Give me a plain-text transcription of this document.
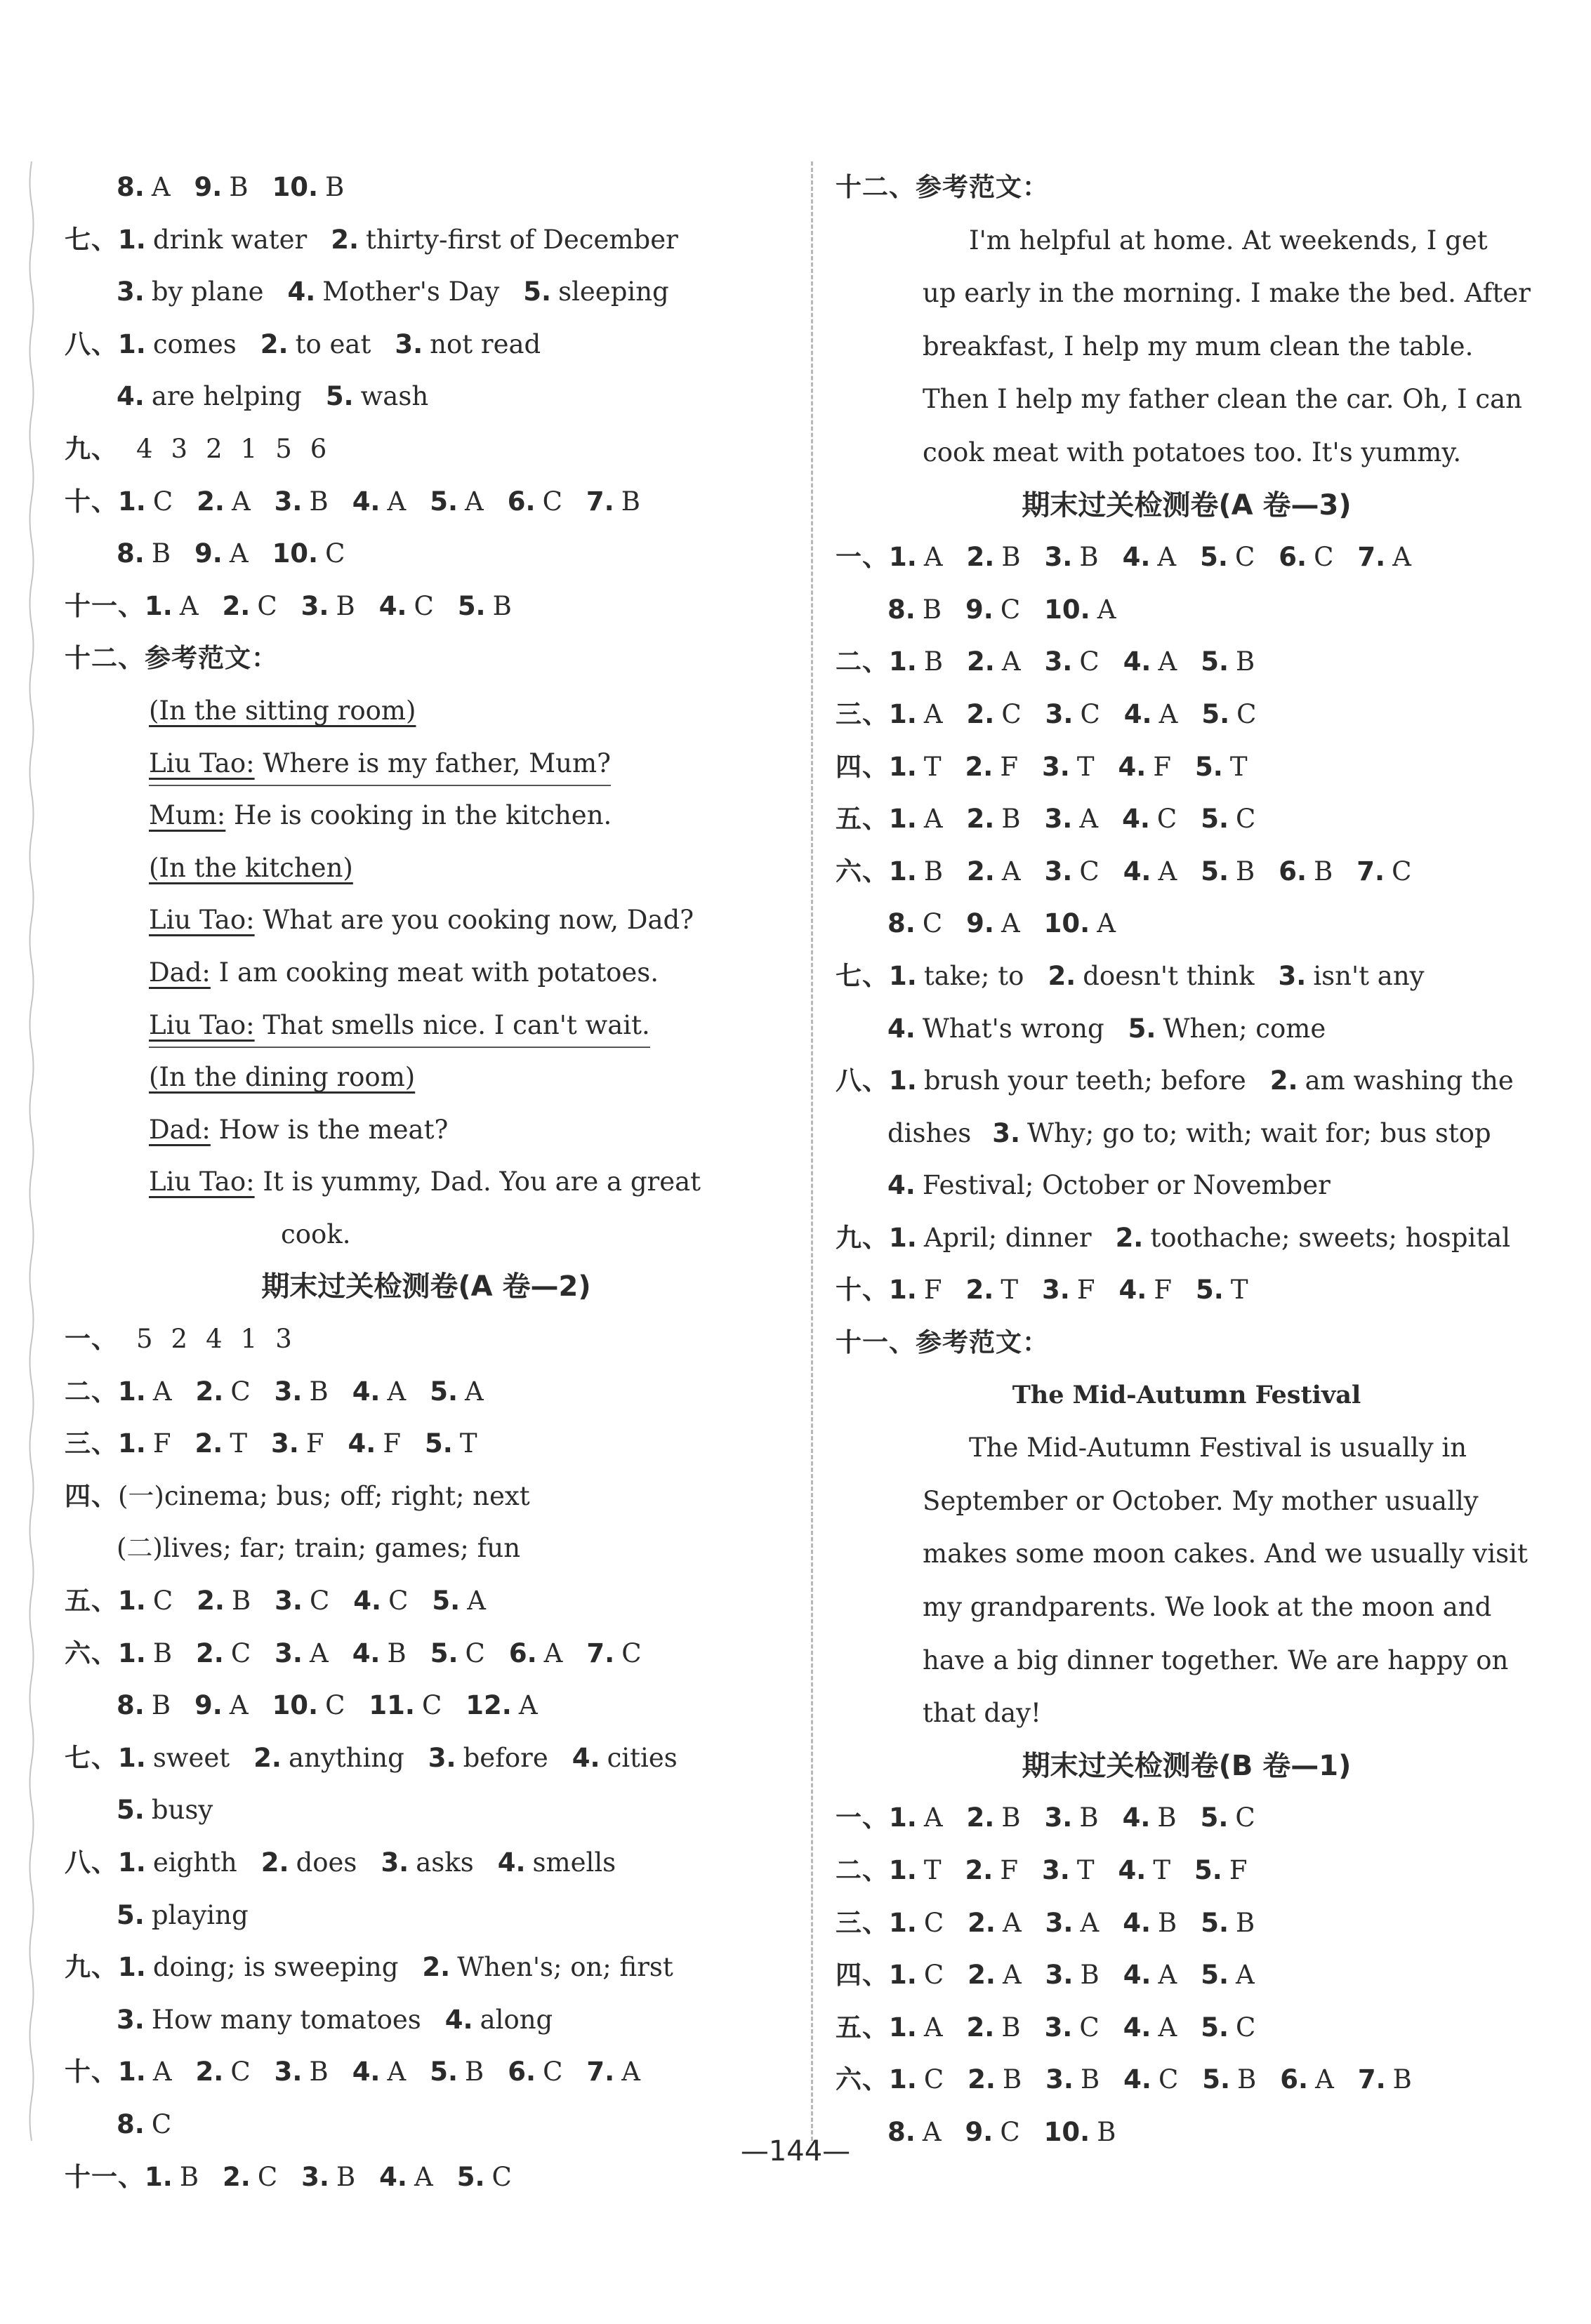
8. A 9. B 10. B
七、1. drink water 2. thirty-first of December
3. by plane 4. Mother's Day 5. sleeping
八、1. comes 2. to eat 3. not read
4. are helping 5. wash
九、 4 3 2 1 5 6
十、1. C 2. A 3. B 4. A 5. A 6. C 7. B
8. B 9. A 10. C
十一、1. A 2. C 3. B 4. C 5. B
十二、参考范文：
(In the sitting room)
Liu Tao: Where is my father, Mum?
Mum: He is cooking in the kitchen.
(In the kitchen)
Liu Tao: What are you cooking now, Dad?
Dad: I am cooking meat with potatoes.
Liu Tao: That smells nice. I can't wait.
(In the dining room)
Dad: How is the meat?
Liu Tao: It is yummy, Dad. You are a great
cook.
期末过关检测卷(A 卷—2)
一、 5 2 4 1 3
二、1. A 2. C 3. B 4. A 5. A
三、1. F 2. T 3. F 4. F 5. T
四、(一)cinema; bus; off; right; next
(二)lives; far; train; games; fun
五、1. C 2. B 3. C 4. C 5. A
六、1. B 2. C 3. A 4. B 5. C 6. A 7. C
8. B 9. A 10. C 11. C 12. A
七、1. sweet 2. anything 3. before 4. cities
5. busy
八、1. eighth 2. does 3. asks 4. smells
5. playing
九、1. doing; is sweeping 2. When's; on; first
3. How many tomatoes 4. along
十、1. A 2. C 3. B 4. A 5. B 6. C 7. A
8. C
十一、1. B 2. C 3. B 4. A 5. C
十二、参考范文：
I'm helpful at home. At weekends, I get
up early in the morning. I make the bed. After
breakfast, I help my mum clean the table.
Then I help my father clean the car. Oh, I can
cook meat with potatoes too. It's yummy.
期末过关检测卷(A 卷—3)
一、1. A 2. B 3. B 4. A 5. C 6. C 7. A
8. B 9. C 10. A
二、1. B 2. A 3. C 4. A 5. B
三、1. A 2. C 3. C 4. A 5. C
四、1. T 2. F 3. T 4. F 5. T
五、1. A 2. B 3. A 4. C 5. C
六、1. B 2. A 3. C 4. A 5. B 6. B 7. C
8. C 9. A 10. A
七、1. take; to 2. doesn't think 3. isn't any
4. What's wrong 5. When; come
八、1. brush your teeth; before 2. am washing the
dishes 3. Why; go to; with; wait for; bus stop
4. Festival; October or November
九、1. April; dinner 2. toothache; sweets; hospital
十、1. F 2. T 3. F 4. F 5. T
十一、参考范文：
The Mid-Autumn Festival
The Mid-Autumn Festival is usually in
September or October. My mother usually
makes some moon cakes. And we usually visit
my grandparents. We look at the moon and
have a big dinner together. We are happy on
that day!
期末过关检测卷(B 卷—1)
一、1. A 2. B 3. B 4. B 5. C
二、1. T 2. F 3. T 4. T 5. F
三、1. C 2. A 3. A 4. B 5. B
四、1. C 2. A 3. B 4. A 5. A
五、1. A 2. B 3. C 4. A 5. C
六、1. C 2. B 3. B 4. C 5. B 6. A 7. B
8. A 9. C 10. B
—144—
